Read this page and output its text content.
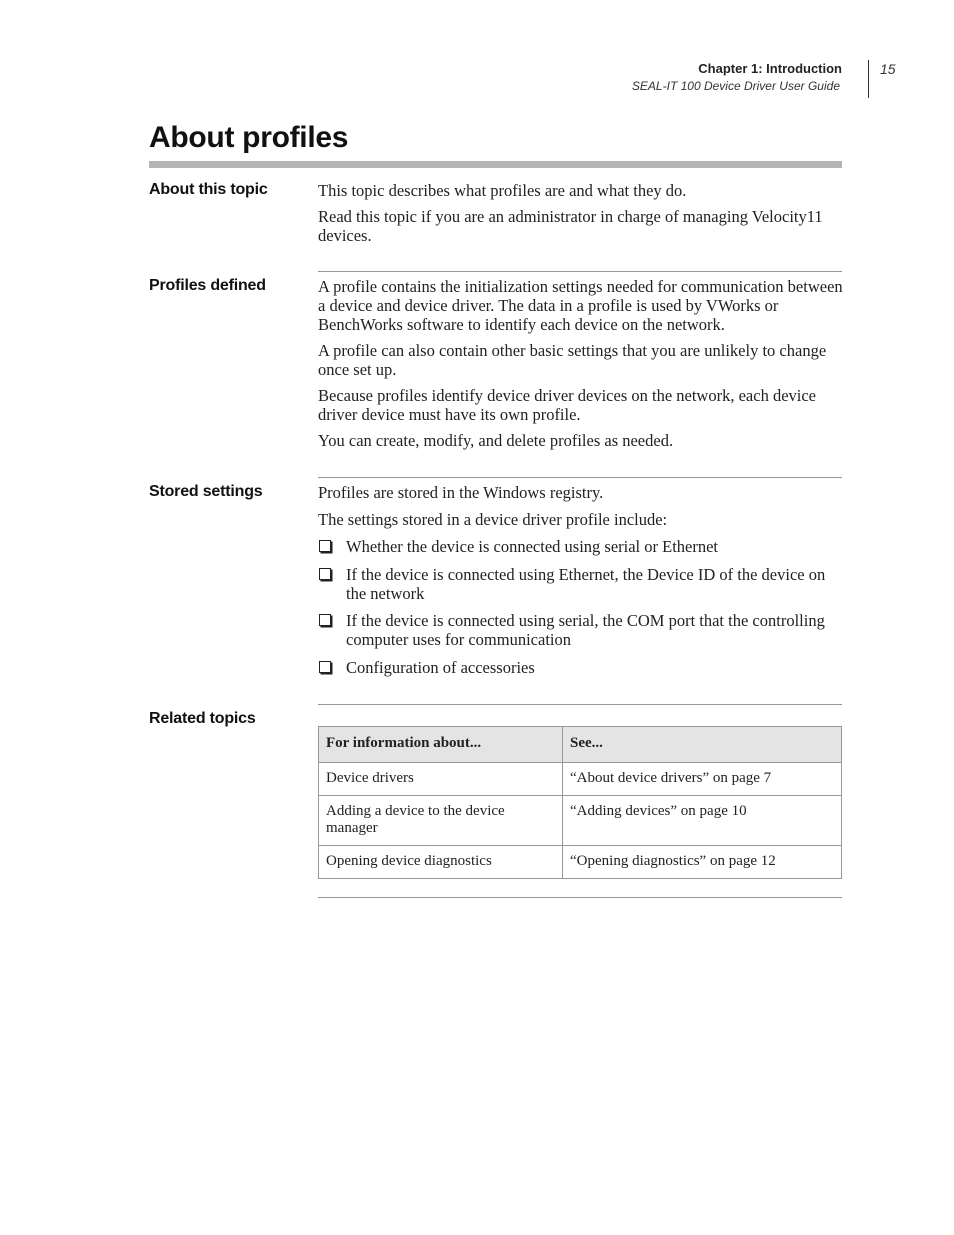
Chapter 1: Introduction
SEAL-IT 100 Device Driver User Guide
15
About profiles
About this topic	This topic describes what profiles are and what they do.

Read this topic if you are an administrator in charge of managing Velocity11 devices.

Profiles defined	A profile contains the initialization settings needed for communication between a device and device driver. The data in a profile is used by VWorks or BenchWorks software to identify each device on the network.

A profile can also contain other basic settings that you are unlikely to change once set up.

Because profiles identify device driver devices on the network, each device driver device must have its own profile.

You can create, modify, and delete profiles as needed.

Stored settings	Profiles are stored in the Windows registry.

The settings stored in a device driver profile include:

Whether the device is connected using serial or Ethernet
If the device is connected using Ethernet, the Device ID of the device on the network
If the device is connected using serial, the COM port that the controlling computer uses for communication
Configuration of accessories
Related topics
For information about...	See...
Device drivers	“About device drivers” on page 7
Adding a device to the device manager	“Adding devices” on page 10
Opening device diagnostics	“Opening diagnostics” on page 12
